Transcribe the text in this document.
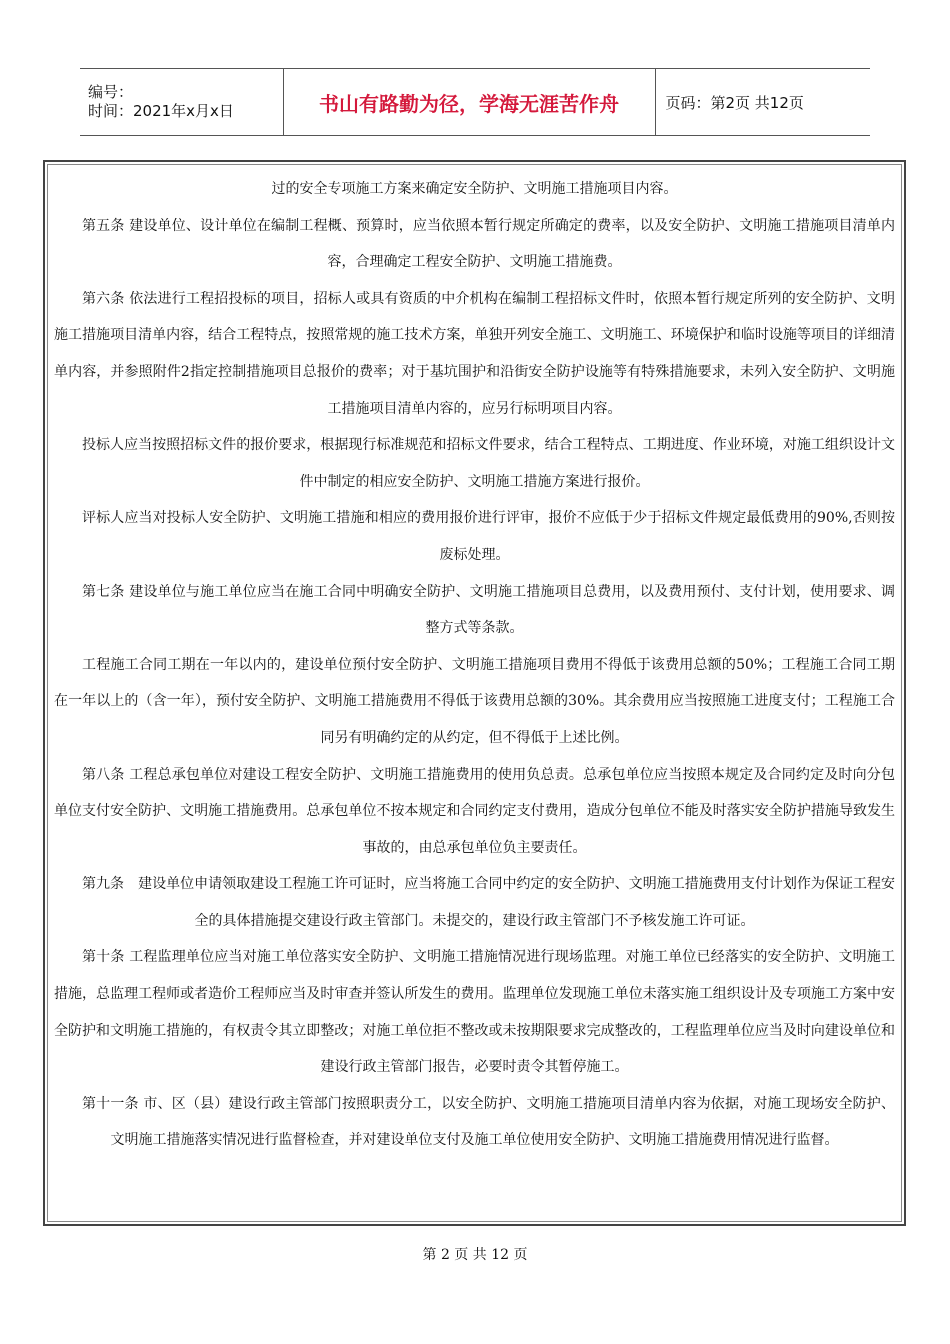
编号：
时间：2021年x月x日	书山有路勤为径，学海无涯苦作舟	页码：第2页 共12页

过的安全专项施工方案来确定安全防护、文明施工措施项目内容。

第五条 建设单位、设计单位在编制工程概、预算时，应当依照本暂行规定所确定的费率，以及安全防护、文明施工措施项目清单内容，合理确定工程安全防护、文明施工措施费。

第六条 依法进行工程招投标的项目，招标人或具有资质的中介机构在编制工程招标文件时，依照本暂行规定所列的安全防护、文明施工措施项目清单内容，结合工程特点，按照常规的施工技术方案，单独开列安全施工、文明施工、环境保护和临时设施等项目的详细清单内容，并参照附件2指定控制措施项目总报价的费率；对于基坑围护和沿街安全防护设施等有特殊措施要求，未列入安全防护、文明施工措施项目清单内容的，应另行标明项目内容。

投标人应当按照招标文件的报价要求，根据现行标准规范和招标文件要求，结合工程特点、工期进度、作业环境，对施工组织设计文件中制定的相应安全防护、文明施工措施方案进行报价。

评标人应当对投标人安全防护、文明施工措施和相应的费用报价进行评审，报价不应低于少于招标文件规定最低费用的90%,否则按废标处理。

第七条 建设单位与施工单位应当在施工合同中明确安全防护、文明施工措施项目总费用，以及费用预付、支付计划，使用要求、调整方式等条款。

工程施工合同工期在一年以内的，建设单位预付安全防护、文明施工措施项目费用不得低于该费用总额的50%；工程施工合同工期在一年以上的（含一年），预付安全防护、文明施工措施费用不得低于该费用总额的30%。其余费用应当按照施工进度支付；工程施工合同另有明确约定的从约定，但不得低于上述比例。

第八条 工程总承包单位对建设工程安全防护、文明施工措施费用的使用负总责。总承包单位应当按照本规定及合同约定及时向分包单位支付安全防护、文明施工措施费用。总承包单位不按本规定和合同约定支付费用，造成分包单位不能及时落实安全防护措施导致发生事故的，由总承包单位负主要责任。

第九条　建设单位申请领取建设工程施工许可证时，应当将施工合同中约定的安全防护、文明施工措施费用支付计划作为保证工程安全的具体措施提交建设行政主管部门。未提交的，建设行政主管部门不予核发施工许可证。

第十条 工程监理单位应当对施工单位落实安全防护、文明施工措施情况进行现场监理。对施工单位已经落实的安全防护、文明施工措施，总监理工程师或者造价工程师应当及时审查并签认所发生的费用。监理单位发现施工单位未落实施工组织设计及专项施工方案中安全防护和文明施工措施的，有权责令其立即整改；对施工单位拒不整改或未按期限要求完成整改的，工程监理单位应当及时向建设单位和建设行政主管部门报告，必要时责令其暂停施工。

第十一条 市、区（县）建设行政主管部门按照职责分工，以安全防护、文明施工措施项目清单内容为依据，对施工现场安全防护、文明施工措施落实情况进行监督检查，并对建设单位支付及施工单位使用安全防护、文明施工措施费用情况进行监督。

第 2 页 共 12 页
